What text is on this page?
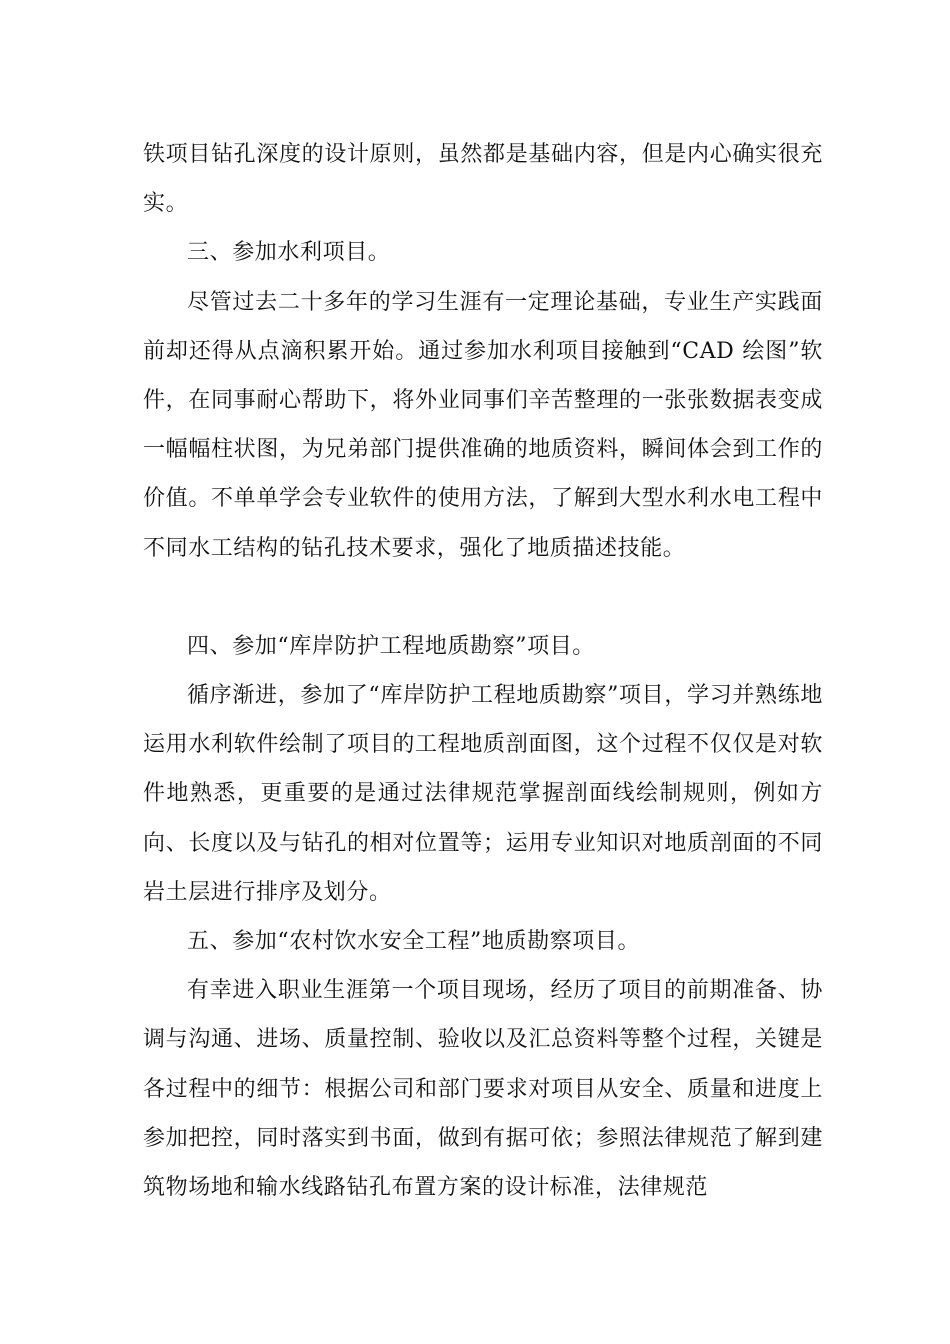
铁项目钻孔深度的设计原则，虽然都是基础内容，但是内心确实很充实。

三、参加水利项目。

尽管过去二十多年的学习生涯有一定理论基础，专业生产实践面前却还得从点滴积累开始。通过参加水利项目接触到“CAD 绘图”软件，在同事耐心帮助下，将外业同事们辛苦整理的一张张数据表变成一幅幅柱状图，为兄弟部门提供准确的地质资料，瞬间体会到工作的价值。不单单学会专业软件的使用方法，了解到大型水利水电工程中不同水工结构的钻孔技术要求，强化了地质描述技能。

四、参加“库岸防护工程地质勘察”项目。

循序渐进，参加了“库岸防护工程地质勘察”项目，学习并熟练地运用水利软件绘制了项目的工程地质剖面图，这个过程不仅仅是对软件地熟悉，更重要的是通过法律规范掌握剖面线绘制规则，例如方向、长度以及与钻孔的相对位置等；运用专业知识对地质剖面的不同岩土层进行排序及划分。

五、参加“农村饮水安全工程”地质勘察项目。

有幸进入职业生涯第一个项目现场，经历了项目的前期准备、协调与沟通、进场、质量控制、验收以及汇总资料等整个过程，关键是各过程中的细节：根据公司和部门要求对项目从安全、质量和进度上参加把控，同时落实到书面，做到有据可依；参照法律规范了解到建筑物场地和输水线路钻孔布置方案的设计标准，法律规范
